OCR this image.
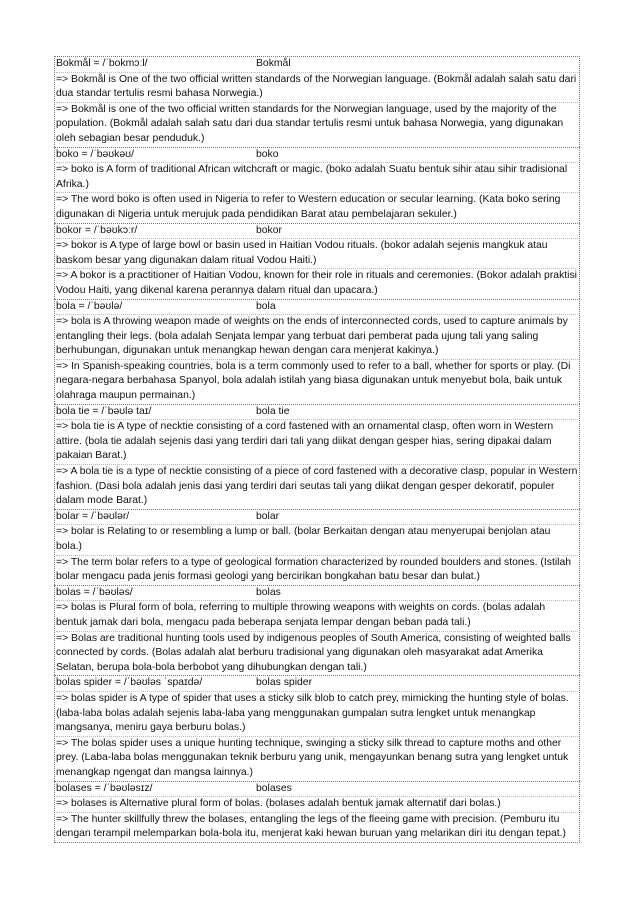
Bokmål = /ˈbokmɔːl/	Bokmål
=> Bokmål is One of the two official written standards of the Norwegian language. (Bokmål adalah salah satu dari dua standar tertulis resmi bahasa Norwegia.)
=> Bokmål is one of the two official written standards for the Norwegian language, used by the majority of the population. (Bokmål adalah salah satu dari dua standar tertulis resmi untuk bahasa Norwegia, yang digunakan oleh sebagian besar penduduk.)
boko = /ˈbəʊkəʊ/	boko
=> boko is A form of traditional African witchcraft or magic. (boko adalah Suatu bentuk sihir atau sihir tradisional Afrika.)
=> The word boko is often used in Nigeria to refer to Western education or secular learning. (Kata boko sering digunakan di Nigeria untuk merujuk pada pendidikan Barat atau pembelajaran sekuler.)
bokor = /ˈbəʊkɔːr/	bokor
=> bokor is A type of large bowl or basin used in Haitian Vodou rituals. (bokor adalah sejenis mangkuk atau baskom besar yang digunakan dalam ritual Vodou Haiti.)
=> A bokor is a practitioner of Haitian Vodou, known for their role in rituals and ceremonies. (Bokor adalah praktisi Vodou Haiti, yang dikenal karena perannya dalam ritual dan upacara.)
bola = /ˈbəʊlə/	bola
=> bola is A throwing weapon made of weights on the ends of interconnected cords, used to capture animals by entangling their legs. (bola adalah Senjata lempar yang terbuat dari pemberat pada ujung tali yang saling berhubungan, digunakan untuk menangkap hewan dengan cara menjerat kakinya.)
=> In Spanish-speaking countries, bola is a term commonly used to refer to a ball, whether for sports or play. (Di negara-negara berbahasa Spanyol, bola adalah istilah yang biasa digunakan untuk menyebut bola, baik untuk olahraga maupun permainan.)
bola tie = /ˈbəʊlə taɪ/	bola tie
=> bola tie is A type of necktie consisting of a cord fastened with an ornamental clasp, often worn in Western attire. (bola tie adalah sejenis dasi yang terdiri dari tali yang diikat dengan gesper hias, sering dipakai dalam pakaian Barat.)
=> A bola tie is a type of necktie consisting of a piece of cord fastened with a decorative clasp, popular in Western fashion. (Dasi bola adalah jenis dasi yang terdiri dari seutas tali yang diikat dengan gesper dekoratif, populer dalam mode Barat.)
bolar = /ˈbəʊlər/	bolar
=> bolar is Relating to or resembling a lump or ball. (bolar Berkaitan dengan atau menyerupai benjolan atau bola.)
=> The term bolar refers to a type of geological formation characterized by rounded boulders and stones. (Istilah bolar mengacu pada jenis formasi geologi yang bercirikan bongkahan batu besar dan bulat.)
bolas = /ˈbəʊləs/	bolas
=> bolas is Plural form of bola, referring to multiple throwing weapons with weights on cords. (bolas adalah bentuk jamak dari bola, mengacu pada beberapa senjata lempar dengan beban pada tali.)
=> Bolas are traditional hunting tools used by indigenous peoples of South America, consisting of weighted balls connected by cords. (Bolas adalah alat berburu tradisional yang digunakan oleh masyarakat adat Amerika Selatan, berupa bola-bola berbobot yang dihubungkan dengan tali.)
bolas spider = /ˈbəʊləs ˈspaɪdə/	bolas spider
=> bolas spider is A type of spider that uses a sticky silk blob to catch prey, mimicking the hunting style of bolas. (laba-laba bolas adalah sejenis laba-laba yang menggunakan gumpalan sutra lengket untuk menangkap mangsanya, meniru gaya berburu bolas.)
=> The bolas spider uses a unique hunting technique, swinging a sticky silk thread to capture moths and other prey. (Laba-laba bolas menggunakan teknik berburu yang unik, mengayunkan benang sutra yang lengket untuk menangkap ngengat dan mangsa lainnya.)
bolases = /ˈbəʊləsɪz/	bolases
=> bolases is Alternative plural form of bolas. (bolases adalah bentuk jamak alternatif dari bolas.)
=> The hunter skillfully threw the bolases, entangling the legs of the fleeing game with precision. (Pemburu itu dengan terampil melemparkan bola-bola itu, menjerat kaki hewan buruan yang melarikan diri itu dengan tepat.)
